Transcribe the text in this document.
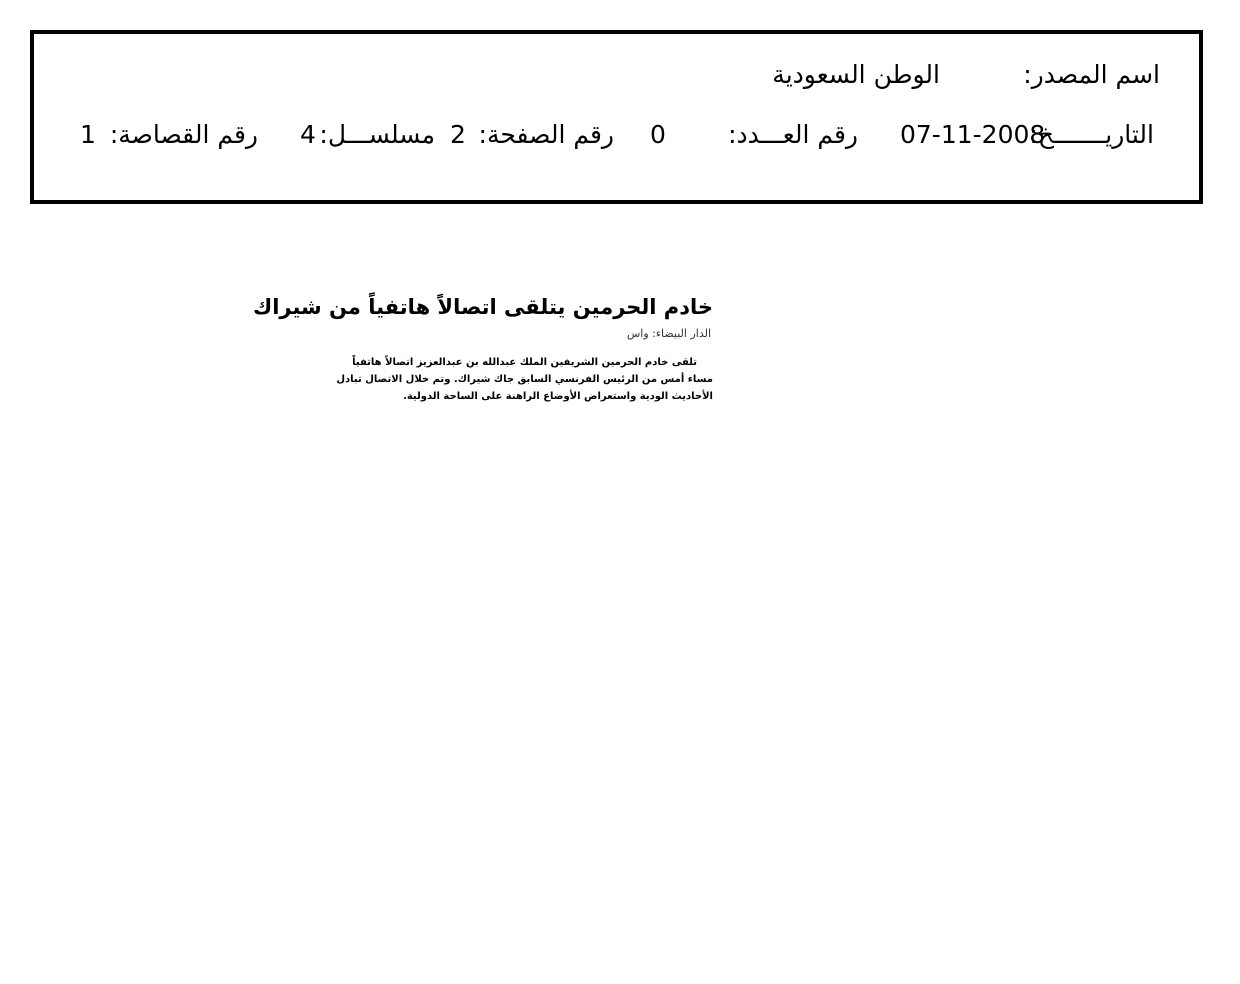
اسم المصدر:
الوطن السعودية
التاريـــــــخ:
07-11-2008
رقم العـــدد:
0
رقم الصفحة:
2
مسلســـل:
4
رقم القصاصة:
1
خادم الحرمين يتلقى اتصالاً هاتفياً من شيراك
الدار البيضاء: واس
تلقى خادم الحرمين الشريفين الملك عبدالله بن عبدالعزيز اتصالاً هاتفياً
مساء أمس من الرئيس الفرنسي السابق جاك شيراك. وتم خلال الاتصال تبادل
الأحاديث الودية واستعراض الأوضاع الراهنة على الساحة الدولية.
